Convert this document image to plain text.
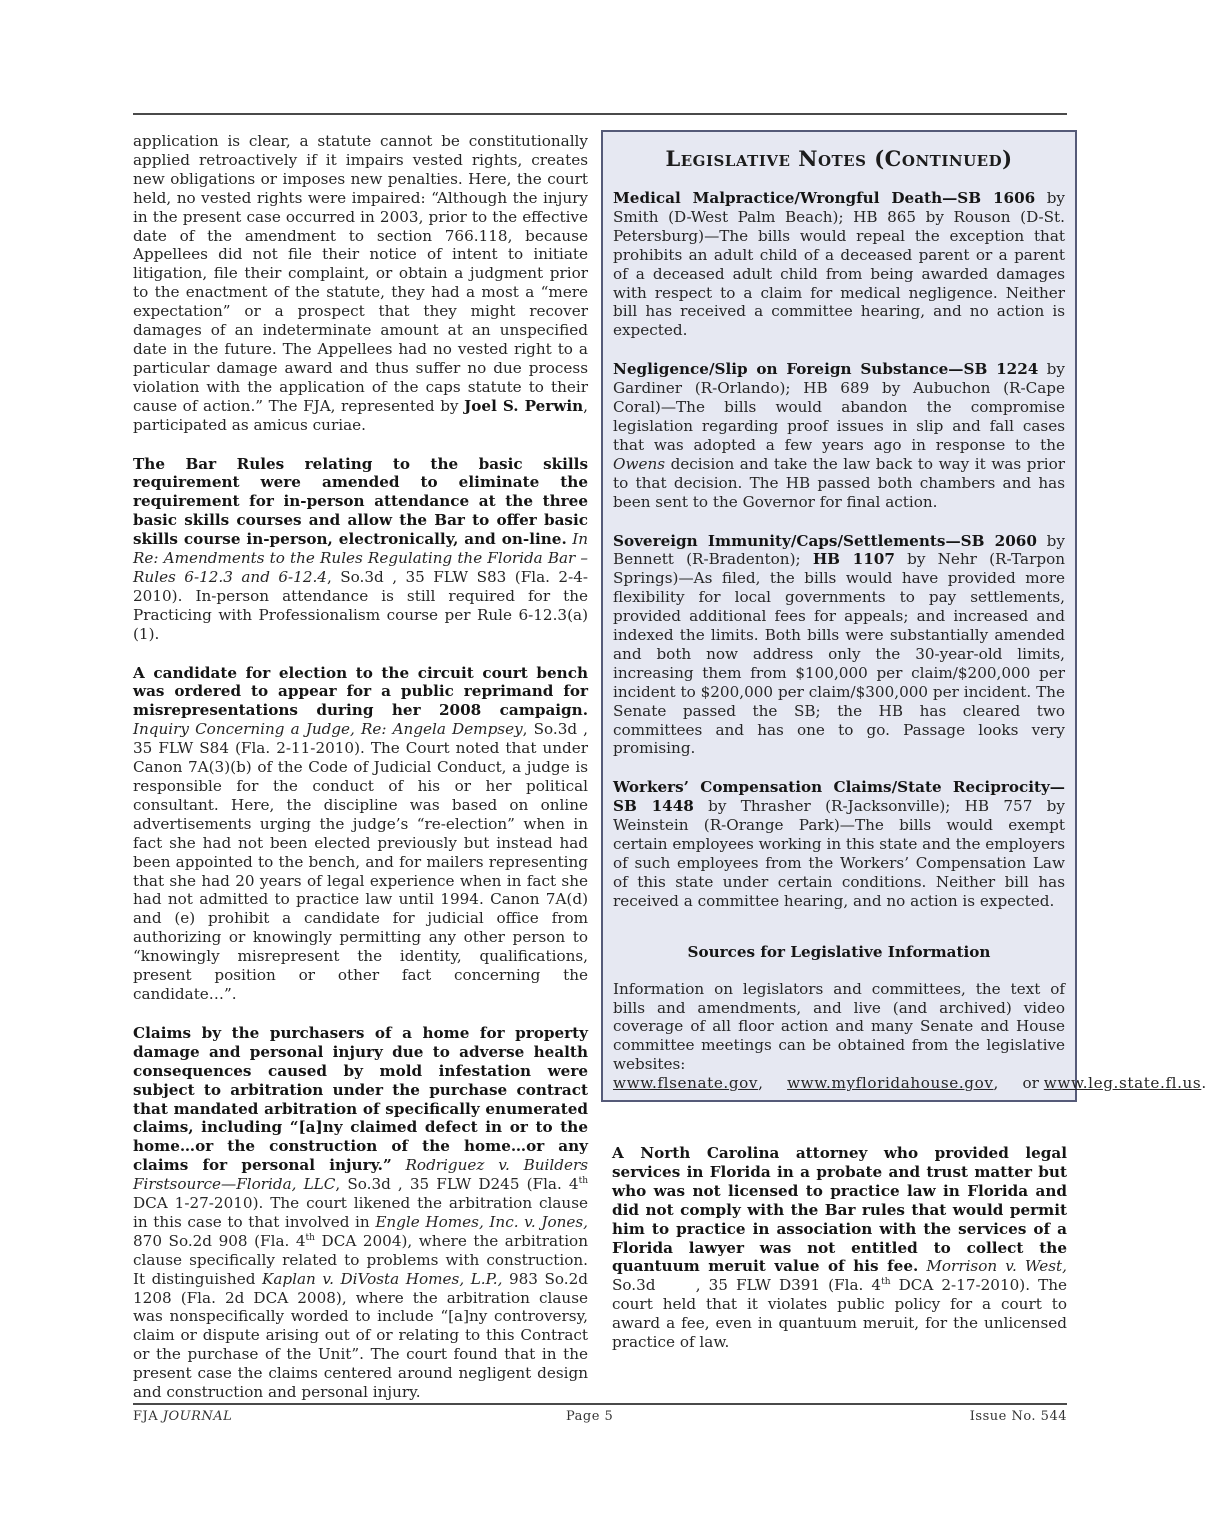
application is clear, a statute cannot be constitutionally applied retroactively if it impairs vested rights, creates new obligations or imposes new penalties. Here, the court held, no vested rights were impaired: “Although the injury in the present case occurred in 2003, prior to the effective date of the amendment to section 766.118, because Appellees did not file their notice of intent to initiate litigation, file their complaint, or obtain a judgment prior to the enactment of the statute, they had a most a “mere expectation” or a prospect that they might recover damages of an indeterminate amount at an unspecified date in the future. The Appellees had no vested right to a particular damage award and thus suffer no due process violation with the application of the caps statute to their cause of action.” The FJA, represented by Joel S. Perwin, participated as amicus curiae.

The Bar Rules relating to the basic skills requirement were amended to eliminate the requirement for in-person attendance at the three basic skills courses and allow the Bar to offer basic skills course in-person, electronically, and on-line. In Re: Amendments to the Rules Regulating the Florida Bar – Rules 6-12.3 and 6-12.4, So.3d , 35 FLW S83 (Fla. 2-4-2010). In-person attendance is still required for the Practicing with Professionalism course per Rule 6-12.3(a)(1).

A candidate for election to the circuit court bench was ordered to appear for a public reprimand for misrepresentations during her 2008 campaign. Inquiry Concerning a Judge, Re: Angela Dempsey, So.3d , 35 FLW S84 (Fla. 2-11-2010). The Court noted that under Canon 7A(3)(b) of the Code of Judicial Conduct, a judge is responsible for the conduct of his or her political consultant. Here, the discipline was based on online advertisements urging the judge’s “re-election” when in fact she had not been elected previously but instead had been appointed to the bench, and for mailers representing that she had 20 years of legal experience when in fact she had not admitted to practice law until 1994. Canon 7A(d) and (e) prohibit a candidate for judicial office from authorizing or knowingly permitting any other person to “knowingly misrepresent the identity, qualifications, present position or other fact concerning the candidate…”.

Claims by the purchasers of a home for property damage and personal injury due to adverse health consequences caused by mold infestation were subject to arbitration under the purchase contract that mandated arbitration of specifically enumerated claims, including “[a]ny claimed defect in or to the home…or the construction of the home…or any claims for personal injury.” Rodriguez v. Builders Firstsource—Florida, LLC, So.3d , 35 FLW D245 (Fla. 4th DCA 1-27-2010). The court likened the arbitration clause in this case to that involved in Engle Homes, Inc. v. Jones, 870 So.2d 908 (Fla. 4th DCA 2004), where the arbitration clause specifically related to problems with construction. It distinguished Kaplan v. DiVosta Homes, L.P., 983 So.2d 1208 (Fla. 2d DCA 2008), where the arbitration clause was nonspecifically worded to include “[a]ny controversy, claim or dispute arising out of or relating to this Contract or the purchase of the Unit”. The court found that in the present case the claims centered around negligent design and construction and personal injury.

Legislative Notes (Continued)

Medical Malpractice/Wrongful Death—SB 1606 by Smith (D-West Palm Beach); HB 865 by Rouson (D-St. Petersburg)—The bills would repeal the exception that prohibits an adult child of a deceased parent or a parent of a deceased adult child from being awarded damages with respect to a claim for medical negligence. Neither bill has received a committee hearing, and no action is expected.

Negligence/Slip on Foreign Substance—SB 1224 by Gardiner (R-Orlando); HB 689 by Aubuchon (R-Cape Coral)—The bills would abandon the compromise legislation regarding proof issues in slip and fall cases that was adopted a few years ago in response to the Owens decision and take the law back to way it was prior to that decision. The HB passed both chambers and has been sent to the Governor for final action.

Sovereign Immunity/Caps/Settlements—SB 2060 by Bennett (R-Bradenton); HB 1107 by Nehr (R-Tarpon Springs)—As filed, the bills would have provided more flexibility for local governments to pay settlements, provided additional fees for appeals; and increased and indexed the limits. Both bills were substantially amended and both now address only the 30-year-old limits, increasing them from $100,000 per claim/$200,000 per incident to $200,000 per claim/$300,000 per incident. The Senate passed the SB; the HB has cleared two committees and has one to go. Passage looks very promising.

Workers’ Compensation Claims/State Reciprocity—SB 1448 by Thrasher (R-Jacksonville); HB 757 by Weinstein (R-Orange Park)—The bills would exempt certain employees working in this state and the employers of such employees from the Workers’ Compensation Law of this state under certain conditions. Neither bill has received a committee hearing, and no action is expected.

Sources for Legislative Information

Information on legislators and committees, the text of bills and amendments, and live (and archived) video coverage of all floor action and many Senate and House committee meetings can be obtained from the legislative websites: www.flsenate.gov,     www.myfloridahouse.gov,     or www.leg.state.fl.us.

A North Carolina attorney who provided legal services in Florida in a probate and trust matter but who was not licensed to practice law in Florida and did not comply with the Bar rules that would permit him to practice in association with the services of a Florida lawyer was not entitled to collect the quantuum meruit value of his fee. Morrison v. West,          So.3d     , 35 FLW D391 (Fla. 4th DCA 2-17-2010). The court held that it violates public policy for a court to award a fee, even in quantuum meruit, for the unlicensed practice of law.

FJA JOURNAL	Page 5	Issue No. 544
